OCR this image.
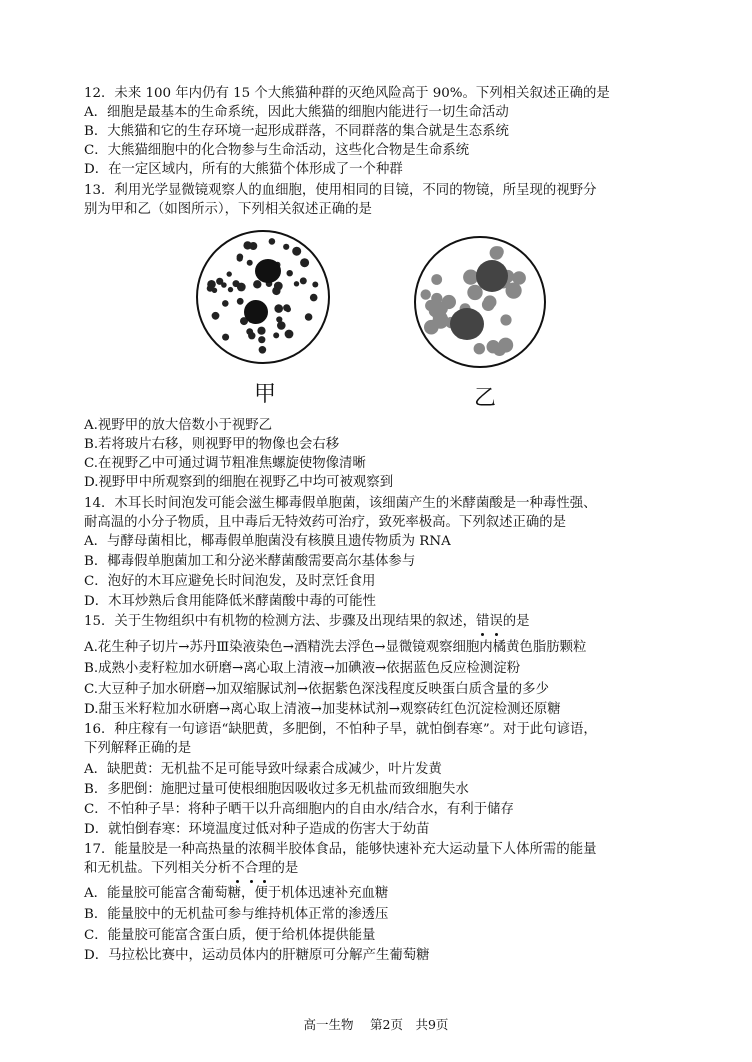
12．未来 100 年内仍有 15 个大熊猫种群的灭绝风险高于 90%。下列相关叙述正确的是
A．细胞是最基本的生命系统，因此大熊猫的细胞内能进行一切生命活动
B．大熊猫和它的生存环境一起形成群落，不同群落的集合就是生态系统
C．大熊猫细胞中的化合物参与生命活动，这些化合物是生命系统
D．在一定区域内，所有的大熊猫个体形成了一个种群
13．利用光学显微镜观察人的血细胞，使用相同的目镜，不同的物镜，所呈现的视野分
别为甲和乙（如图所示），下列相关叙述正确的是
甲	乙
A.视野甲的放大倍数小于视野乙
B.若将玻片右移，则视野甲的物像也会右移
C.在视野乙中可通过调节粗准焦螺旋使物像清晰
D.视野甲中所观察到的细胞在视野乙中均可被观察到
14．木耳长时间泡发可能会滋生椰毒假单胞菌，该细菌产生的米酵菌酸是一种毒性强、
耐高温的小分子物质，且中毒后无特效药可治疗，致死率极高。下列叙述正确的是
A．与酵母菌相比，椰毒假单胞菌没有核膜且遗传物质为 RNA
B．椰毒假单胞菌加工和分泌米酵菌酸需要高尔基体参与
C．泡好的木耳应避免长时间泡发，及时烹饪食用
D．木耳炒熟后食用能降低米酵菌酸中毒的可能性
15．关于生物组织中有机物的检测方法、步骤及出现结果的叙述，错误的是
A.花生种子切片→苏丹Ⅲ染液染色→酒精洗去浮色→显微镜观察细胞内橘黄色脂肪颗粒
B.成熟小麦籽粒加水研磨→离心取上清液→加碘液→依据蓝色反应检测淀粉
C.大豆种子加水研磨→加双缩脲试剂→依据紫色深浅程度反映蛋白质含量的多少
D.甜玉米籽粒加水研磨→离心取上清液→加斐林试剂→观察砖红色沉淀检测还原糖
16．种庄稼有一句谚语“缺肥黄，多肥倒，不怕种子旱，就怕倒春寒”。对于此句谚语，
下列解释正确的是
A．缺肥黄：无机盐不足可能导致叶绿素合成减少，叶片发黄
B．多肥倒：施肥过量可使根细胞因吸收过多无机盐而致细胞失水
C．不怕种子旱：将种子晒干以升高细胞内的自由水/结合水，有利于储存
D．就怕倒春寒：环境温度过低对种子造成的伤害大于幼苗
17．能量胶是一种高热量的浓稠半胶体食品，能够快速补充大运动量下人体所需的能量
和无机盐。下列相关分析不合理的是
A．能量胶可能富含葡萄糖，便于机体迅速补充血糖
B．能量胶中的无机盐可参与维持机体正常的渗透压
C．能量胶可能富含蛋白质，便于给机体提供能量
D．马拉松比赛中，运动员体内的肝糖原可分解产生葡萄糖
高一生物　 第2页　共9页
